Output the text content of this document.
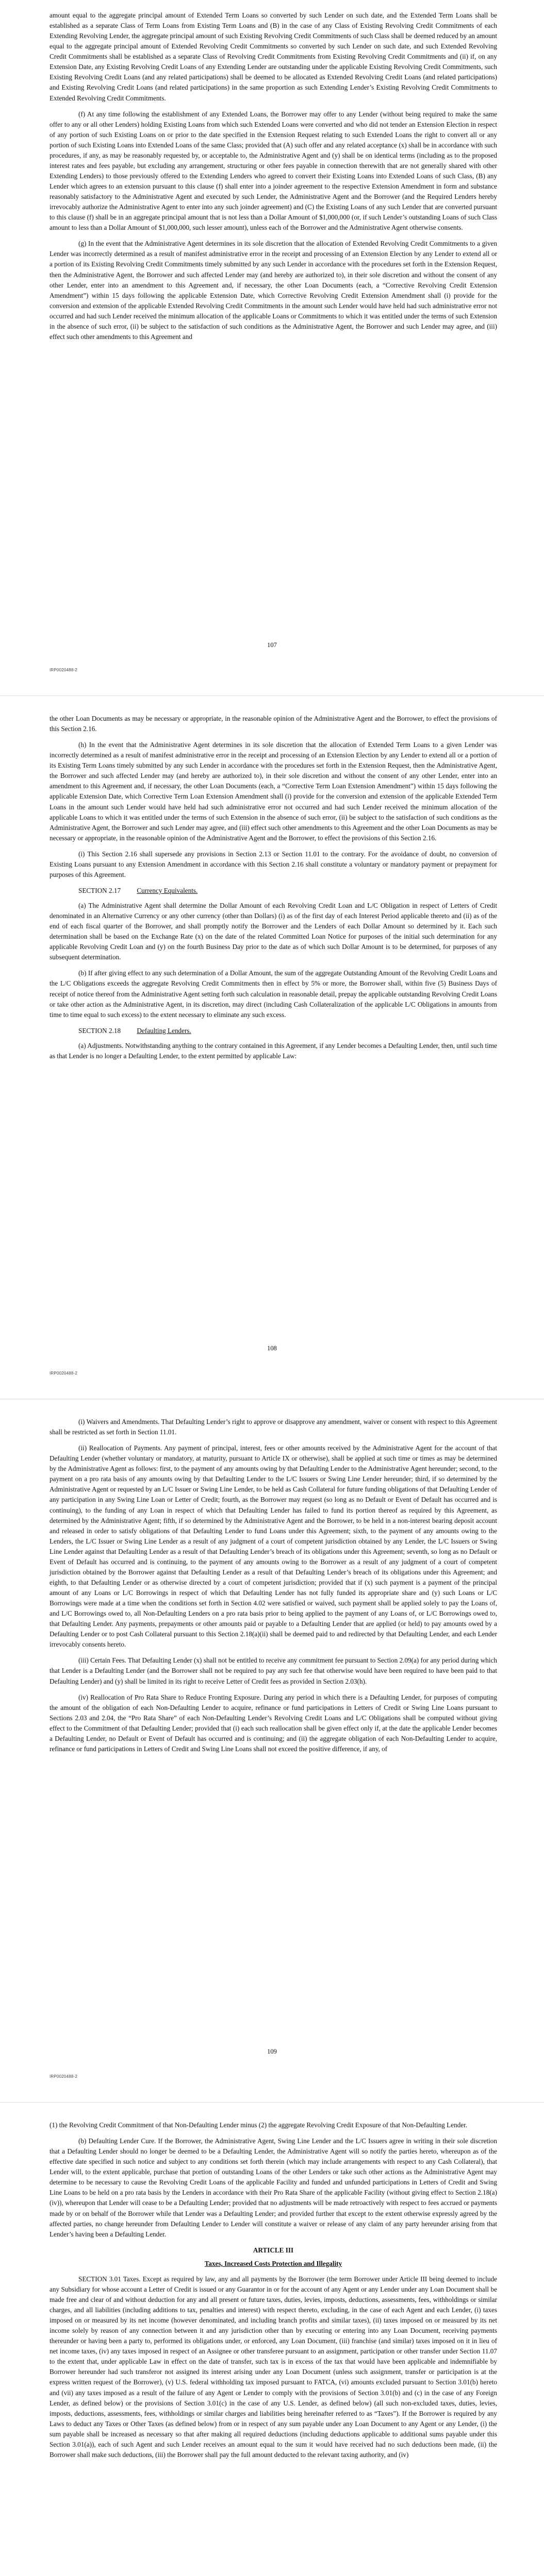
amount equal to the aggregate principal amount of Extended Term Loans so converted by such Lender on such date, and the Extended Term Loans shall be established as a separate Class of Term Loans from Existing Term Loans and (B) in the case of any Class of Existing Revolving Credit Commitments of each Extending Revolving Lender, the aggregate principal amount of such Existing Revolving Credit Commitments of such Class shall be deemed reduced by an amount equal to the aggregate principal amount of Extended Revolving Credit Commitments so converted by such Lender on such date, and such Extended Revolving Credit Commitments shall be established as a separate Class of Revolving Credit Commitments from Existing Revolving Credit Commitments and (ii) if, on any Extension Date, any Existing Revolving Credit Loans of any Extending Lender are outstanding under the applicable Existing Revolving Credit Commitments, such Existing Revolving Credit Loans (and any related participations) shall be deemed to be allocated as Extended Revolving Credit Loans (and related participations) and Existing Revolving Credit Loans (and related participations) in the same proportion as such Extending Lender’s Existing Revolving Credit Commitments to Extended Revolving Credit Commitments.

(f) At any time following the establishment of any Extended Loans, the Borrower may offer to any Lender (without being required to make the same offer to any or all other Lenders) holding Existing Loans from which such Extended Loans were converted and who did not tender an Extension Election in respect of any portion of such Existing Loans on or prior to the date specified in the Extension Request relating to such Extended Loans the right to convert all or any portion of such Existing Loans into Extended Loans of the same Class; provided that (A) such offer and any related acceptance (x) shall be in accordance with such procedures, if any, as may be reasonably requested by, or acceptable to, the Administrative Agent and (y) shall be on identical terms (including as to the proposed interest rates and fees payable, but excluding any arrangement, structuring or other fees payable in connection therewith that are not generally shared with other Extending Lenders) to those previously offered to the Extending Lenders who agreed to convert their Existing Loans into Extended Loans of such Class, (B) any Lender which agrees to an extension pursuant to this clause (f) shall enter into a joinder agreement to the respective Extension Amendment in form and substance reasonably satisfactory to the Administrative Agent and executed by such Lender, the Administrative Agent and the Borrower (and the Required Lenders hereby irrevocably authorize the Administrative Agent to enter into any such joinder agreement) and (C) the Existing Loans of any such Lender that are converted pursuant to this clause (f) shall be in an aggregate principal amount that is not less than a Dollar Amount of $1,000,000 (or, if such Lender’s outstanding Loans of such Class amount to less than a Dollar Amount of $1,000,000, such lesser amount), unless each of the Borrower and the Administrative Agent otherwise consents.

(g) In the event that the Administrative Agent determines in its sole discretion that the allocation of Extended Revolving Credit Commitments to a given Lender was incorrectly determined as a result of manifest administrative error in the receipt and processing of an Extension Election by any Lender to extend all or a portion of its Existing Revolving Credit Commitments timely submitted by any such Lender in accordance with the procedures set forth in the Extension Request, then the Administrative Agent, the Borrower and such affected Lender may (and hereby are authorized to), in their sole discretion and without the consent of any other Lender, enter into an amendment to this Agreement and, if necessary, the other Loan Documents (each, a “Corrective Revolving Credit Extension Amendment”) within 15 days following the applicable Extension Date, which Corrective Revolving Credit Extension Amendment shall (i) provide for the conversion and extension of the applicable Extended Revolving Credit Commitments in the amount such Lender would have held had such administrative error not occurred and had such Lender received the minimum allocation of the applicable Loans or Commitments to which it was entitled under the terms of such Extension in the absence of such error, (ii) be subject to the satisfaction of such conditions as the Administrative Agent, the Borrower and such Lender may agree, and (iii) effect such other amendments to this Agreement and

107
IRP0020488-2

the other Loan Documents as may be necessary or appropriate, in the reasonable opinion of the Administrative Agent and the Borrower, to effect the provisions of this Section 2.16.

(h) In the event that the Administrative Agent determines in its sole discretion that the allocation of Extended Term Loans to a given Lender was incorrectly determined as a result of manifest administrative error in the receipt and processing of an Extension Election by any Lender to extend all or a portion of its Existing Term Loans timely submitted by any such Lender in accordance with the procedures set forth in the Extension Request, then the Administrative Agent, the Borrower and such affected Lender may (and hereby are authorized to), in their sole discretion and without the consent of any other Lender, enter into an amendment to this Agreement and, if necessary, the other Loan Documents (each, a “Corrective Term Loan Extension Amendment”) within 15 days following the applicable Extension Date, which Corrective Term Loan Extension Amendment shall (i) provide for the conversion and extension of the applicable Extended Term Loans in the amount such Lender would have held had such administrative error not occurred and had such Lender received the minimum allocation of the applicable Loans to which it was entitled under the terms of such Extension in the absence of such error, (ii) be subject to the satisfaction of such conditions as the Administrative Agent, the Borrower and such Lender may agree, and (iii) effect such other amendments to this Agreement and the other Loan Documents as may be necessary or appropriate, in the reasonable opinion of the Administrative Agent and the Borrower, to effect the provisions of this Section 2.16.

(i) This Section 2.16 shall supersede any provisions in Section 2.13 or Section 11.01 to the contrary. For the avoidance of doubt, no conversion of Existing Loans pursuant to any Extension Amendment in accordance with this Section 2.16 shall constitute a voluntary or mandatory payment or prepayment for purposes of this Agreement.

SECTION 2.17 Currency Equivalents.

(a) The Administrative Agent shall determine the Dollar Amount of each Revolving Credit Loan and L/C Obligation in respect of Letters of Credit denominated in an Alternative Currency or any other currency (other than Dollars) (i) as of the first day of each Interest Period applicable thereto and (ii) as of the end of each fiscal quarter of the Borrower, and shall promptly notify the Borrower and the Lenders of each Dollar Amount so determined by it. Each such determination shall be based on the Exchange Rate (x) on the date of the related Committed Loan Notice for purposes of the initial such determination for any applicable Revolving Credit Loan and (y) on the fourth Business Day prior to the date as of which such Dollar Amount is to be determined, for purposes of any subsequent determination.

(b) If after giving effect to any such determination of a Dollar Amount, the sum of the aggregate Outstanding Amount of the Revolving Credit Loans and the L/C Obligations exceeds the aggregate Revolving Credit Commitments then in effect by 5% or more, the Borrower shall, within five (5) Business Days of receipt of notice thereof from the Administrative Agent setting forth such calculation in reasonable detail, prepay the applicable outstanding Revolving Credit Loans or take other action as the Administrative Agent, in its discretion, may direct (including Cash Collateralization of the applicable L/C Obligations in amounts from time to time equal to such excess) to the extent necessary to eliminate any such excess.

SECTION 2.18 Defaulting Lenders.

(a) Adjustments. Notwithstanding anything to the contrary contained in this Agreement, if any Lender becomes a Defaulting Lender, then, until such time as that Lender is no longer a Defaulting Lender, to the extent permitted by applicable Law:

108
IRP0020488-2

(i) Waivers and Amendments. That Defaulting Lender’s right to approve or disapprove any amendment, waiver or consent with respect to this Agreement shall be restricted as set forth in Section 11.01.

(ii) Reallocation of Payments. Any payment of principal, interest, fees or other amounts received by the Administrative Agent for the account of that Defaulting Lender (whether voluntary or mandatory, at maturity, pursuant to Article IX or otherwise), shall be applied at such time or times as may be determined by the Administrative Agent as follows: first, to the payment of any amounts owing by that Defaulting Lender to the Administrative Agent hereunder; second, to the payment on a pro rata basis of any amounts owing by that Defaulting Lender to the L/C Issuers or Swing Line Lender hereunder; third, if so determined by the Administrative Agent or requested by an L/C Issuer or Swing Line Lender, to be held as Cash Collateral for future funding obligations of that Defaulting Lender of any participation in any Swing Line Loan or Letter of Credit; fourth, as the Borrower may request (so long as no Default or Event of Default has occurred and is continuing), to the funding of any Loan in respect of which that Defaulting Lender has failed to fund its portion thereof as required by this Agreement, as determined by the Administrative Agent; fifth, if so determined by the Administrative Agent and the Borrower, to be held in a non-interest bearing deposit account and released in order to satisfy obligations of that Defaulting Lender to fund Loans under this Agreement; sixth, to the payment of any amounts owing to the Lenders, the L/C Issuer or Swing Line Lender as a result of any judgment of a court of competent jurisdiction obtained by any Lender, the L/C Issuers or Swing Line Lender against that Defaulting Lender as a result of that Defaulting Lender’s breach of its obligations under this Agreement; seventh, so long as no Default or Event of Default has occurred and is continuing, to the payment of any amounts owing to the Borrower as a result of any judgment of a court of competent jurisdiction obtained by the Borrower against that Defaulting Lender as a result of that Defaulting Lender’s breach of its obligations under this Agreement; and eighth, to that Defaulting Lender or as otherwise directed by a court of competent jurisdiction; provided that if (x) such payment is a payment of the principal amount of any Loans or L/C Borrowings in respect of which that Defaulting Lender has not fully funded its appropriate share and (y) such Loans or L/C Borrowings were made at a time when the conditions set forth in Section 4.02 were satisfied or waived, such payment shall be applied solely to pay the Loans of, and L/C Borrowings owed to, all Non-Defaulting Lenders on a pro rata basis prior to being applied to the payment of any Loans of, or L/C Borrowings owed to, that Defaulting Lender. Any payments, prepayments or other amounts paid or payable to a Defaulting Lender that are applied (or held) to pay amounts owed by a Defaulting Lender or to post Cash Collateral pursuant to this Section 2.18(a)(ii) shall be deemed paid to and redirected by that Defaulting Lender, and each Lender irrevocably consents hereto.

(iii) Certain Fees. That Defaulting Lender (x) shall not be entitled to receive any commitment fee pursuant to Section 2.09(a) for any period during which that Lender is a Defaulting Lender (and the Borrower shall not be required to pay any such fee that otherwise would have been required to have been paid to that Defaulting Lender) and (y) shall be limited in its right to receive Letter of Credit fees as provided in Section 2.03(h).

(iv) Reallocation of Pro Rata Share to Reduce Fronting Exposure. During any period in which there is a Defaulting Lender, for purposes of computing the amount of the obligation of each Non-Defaulting Lender to acquire, refinance or fund participations in Letters of Credit or Swing Line Loans pursuant to Sections 2.03 and 2.04, the “Pro Rata Share” of each Non-Defaulting Lender’s Revolving Credit Loans and L/C Obligations shall be computed without giving effect to the Commitment of that Defaulting Lender; provided that (i) each such reallocation shall be given effect only if, at the date the applicable Lender becomes a Defaulting Lender, no Default or Event of Default has occurred and is continuing; and (ii) the aggregate obligation of each Non-Defaulting Lender to acquire, refinance or fund participations in Letters of Credit and Swing Line Loans shall not exceed the positive difference, if any, of

109
IRP0020488-2

(1) the Revolving Credit Commitment of that Non-Defaulting Lender minus (2) the aggregate Revolving Credit Exposure of that Non-Defaulting Lender.

(b) Defaulting Lender Cure. If the Borrower, the Administrative Agent, Swing Line Lender and the L/C Issuers agree in writing in their sole discretion that a Defaulting Lender should no longer be deemed to be a Defaulting Lender, the Administrative Agent will so notify the parties hereto, whereupon as of the effective date specified in such notice and subject to any conditions set forth therein (which may include arrangements with respect to any Cash Collateral), that Lender will, to the extent applicable, purchase that portion of outstanding Loans of the other Lenders or take such other actions as the Administrative Agent may determine to be necessary to cause the Revolving Credit Loans of the applicable Facility and funded and unfunded participations in Letters of Credit and Swing Line Loans to be held on a pro rata basis by the Lenders in accordance with their Pro Rata Share of the applicable Facility (without giving effect to Section 2.18(a)(iv)), whereupon that Lender will cease to be a Defaulting Lender; provided that no adjustments will be made retroactively with respect to fees accrued or payments made by or on behalf of the Borrower while that Lender was a Defaulting Lender; and provided further that except to the extent otherwise expressly agreed by the affected parties, no change hereunder from Defaulting Lender to Lender will constitute a waiver or release of any claim of any party hereunder arising from that Lender’s having been a Defaulting Lender.

ARTICLE III
Taxes, Increased Costs Protection and Illegality

SECTION 3.01 Taxes. Except as required by law, any and all payments by the Borrower (the term Borrower under Article III being deemed to include any Subsidiary for whose account a Letter of Credit is issued or any Guarantor in or for the account of any Agent or any Lender under any Loan Document shall be made free and clear of and without deduction for any and all present or future taxes, duties, levies, imposts, deductions, assessments, fees, withholdings or similar charges, and all liabilities (including additions to tax, penalties and interest) with respect thereto, excluding, in the case of each Agent and each Lender, (i) taxes imposed on or measured by its net income (however denominated, and including branch profits and similar taxes), (ii) taxes imposed on or measured by its net income solely by reason of any connection between it and any jurisdiction other than by executing or entering into any Loan Document, receiving payments thereunder or having been a party to, performed its obligations under, or enforced, any Loan Document, (iii) franchise (and similar) taxes imposed on it in lieu of net income taxes, (iv) any taxes imposed in respect of an Assignee or other transferee pursuant to an assignment, participation or other transfer under Section 11.07 to the extent that, under applicable Law in effect on the date of transfer, such tax is in excess of the tax that would have been applicable and indemnifiable by Borrower hereunder had such transferor not assigned its interest arising under any Loan Document (unless such assignment, transfer or participation is at the express written request of the Borrower), (v) U.S. federal withholding tax imposed pursuant to FATCA, (vi) amounts excluded pursuant to Section 3.01(b) hereto and (vii) any taxes imposed as a result of the failure of any Agent or Lender to comply with the provisions of Section 3.01(b) and (c) in the case of any Foreign Lender, as defined below) or the provisions of Section 3.01(c) in the case of any U.S. Lender, as defined below) (all such non-excluded taxes, duties, levies, imposts, deductions, assessments, fees, withholdings or similar charges and liabilities being hereinafter referred to as “Taxes”). If the Borrower is required by any Laws to deduct any Taxes or Other Taxes (as defined below) from or in respect of any sum payable under any Loan Document to any Agent or any Lender, (i) the sum payable shall be increased as necessary so that after making all required deductions (including deductions applicable to additional sums payable under this Section 3.01(a)), each of such Agent and such Lender receives an amount equal to the sum it would have received had no such deductions been made, (ii) the Borrower shall make such deductions, (iii) the Borrower shall pay the full amount deducted to the relevant taxing authority, and (iv)
